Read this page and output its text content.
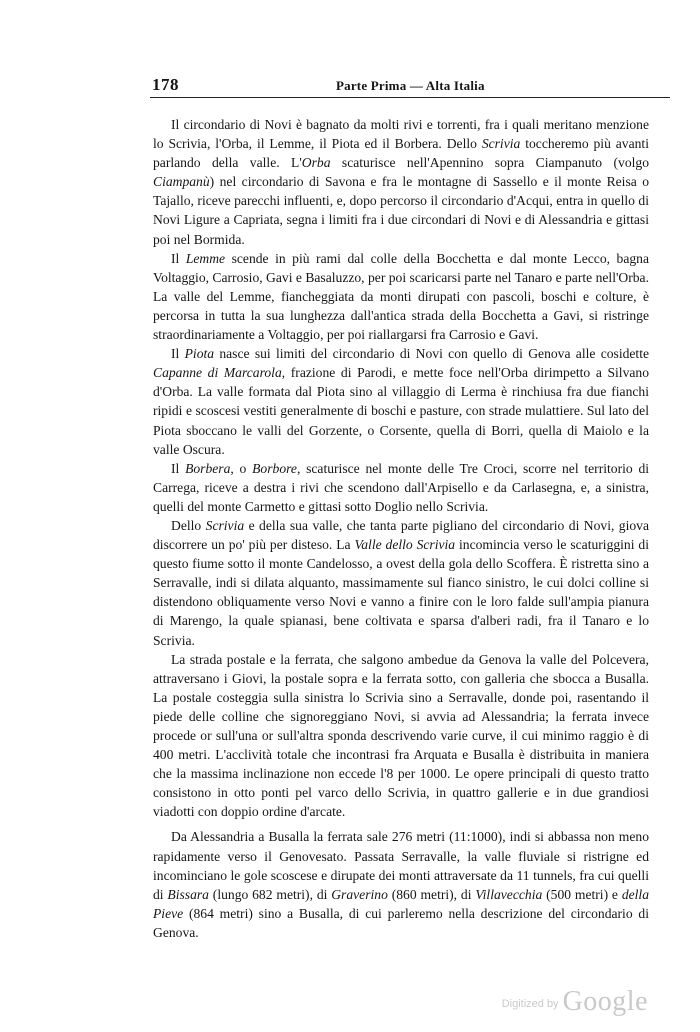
178	Parte Prima — Alta Italia

Il circondario di Novi è bagnato da molti rivi e torrenti, fra i quali meritano menzione lo Scrivia, l'Orba, il Lemme, il Piota ed il Borbera. Dello Scrivia toccheremo più avanti parlando della valle. L'Orba scaturisce nell'Apennino sopra Ciampanuto (volgo Ciampanù) nel circondario di Savona e fra le montagne di Sassello e il monte Reisa o Tajallo, riceve parecchi influenti, e, dopo percorso il circondario d'Acqui, entra in quello di Novi Ligure a Capriata, segna i limiti fra i due circondari di Novi e di Alessandria e gittasi poi nel Bormida.

Il Lemme scende in più rami dal colle della Bocchetta e dal monte Lecco, bagna Voltaggio, Carrosio, Gavi e Basaluzzo, per poi scaricarsi parte nel Tanaro e parte nell'Orba. La valle del Lemme, fiancheggiata da monti dirupati con pascoli, boschi e colture, è percorsa in tutta la sua lunghezza dall'antica strada della Bocchetta a Gavi, si ristringe straordinariamente a Voltaggio, per poi riallargarsi fra Carrosio e Gavi.

Il Piota nasce sui limiti del circondario di Novi con quello di Genova alle cosidette Capanne di Marcarola, frazione di Parodi, e mette foce nell'Orba dirimpetto a Silvano d'Orba. La valle formata dal Piota sino al villaggio di Lerma è rinchiusa fra due fianchi ripidi e scoscesi vestiti generalmente di boschi e pasture, con strade mulattiere. Sul lato del Piota sboccano le valli del Gorzente, o Corsente, quella di Borri, quella di Maiolo e la valle Oscura.

Il Borbera, o Borbore, scaturisce nel monte delle Tre Croci, scorre nel territorio di Carrega, riceve a destra i rivi che scendono dall'Arpisello e da Carlasegna, e, a sinistra, quelli del monte Carmetto e gittasi sotto Doglio nello Scrivia.

Dello Scrivia e della sua valle, che tanta parte pigliano del circondario di Novi, giova discorrere un po' più per disteso. La Valle dello Scrivia incomincia verso le scaturiggini di questo fiume sotto il monte Candelosso, a ovest della gola dello Scoffera. È ristretta sino a Serravalle, indi si dilata alquanto, massimamente sul fianco sinistro, le cui dolci colline si distendono obliquamente verso Novi e vanno a finire con le loro falde sull'ampia pianura di Marengo, la quale spianasi, bene coltivata e sparsa d'alberi radi, fra il Tanaro e lo Scrivia.

La strada postale e la ferrata, che salgono ambedue da Genova la valle del Polcevera, attraversano i Giovi, la postale sopra e la ferrata sotto, con galleria che sbocca a Busalla. La postale costeggia sulla sinistra lo Scrivia sino a Serravalle, donde poi, rasentando il piede delle colline che signoreggiano Novi, si avvia ad Alessandria; la ferrata invece procede or sull'una or sull'altra sponda descrivendo varie curve, il cui minimo raggio è di 400 metri. L'acclività totale che incontrasi fra Arquata e Busalla è distribuita in maniera che la massima inclinazione non eccede l'8 per 1000. Le opere principali di questo tratto consistono in otto ponti pel varco dello Scrivia, in quattro gallerie e in due grandiosi viadotti con doppio ordine d'arcate.

Da Alessandria a Busalla la ferrata sale 276 metri (11:1000), indi si abbassa non meno rapidamente verso il Genovesato. Passata Serravalle, la valle fluviale si ristrigne ed incominciano le gole scoscese e dirupate dei monti attraversate da 11 tunnels, fra cui quelli di Bissara (lungo 682 metri), di Graverino (860 metri), di Villavecchia (500 metri) e della Pieve (864 metri) sino a Busalla, di cui parleremo nella descrizione del circondario di Genova.

Digitized by Google
